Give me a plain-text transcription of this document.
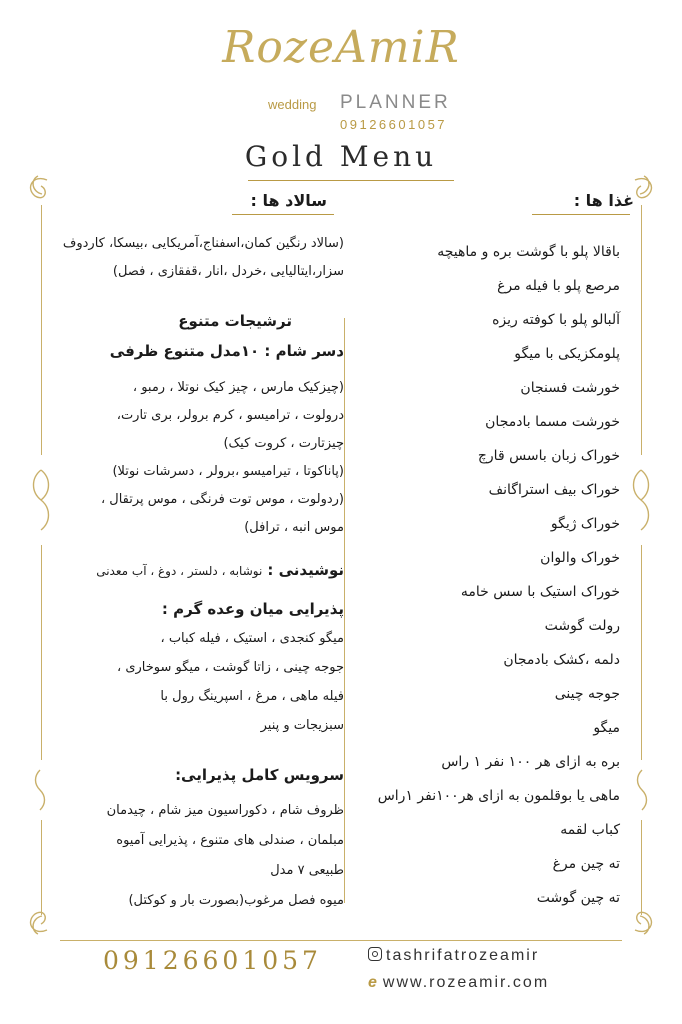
RozeAmiR
wedding PLANNER
09126601057
Gold Menu
غذا ها :
باقالا پلو با گوشت بره و ماهیچه
مرصع پلو با فیله مرغ
آلبالو پلو با کوفته ریزه
پلومکزیکی با میگو
خورشت فسنجان
خورشت مسما بادمجان
خوراک زبان باسس قارچ
خوراک بیف استراگانف
خوراک ژیگو
خوراک والوان
خوراک استیک با سس خامه
رولت گوشت
دلمه ،کشک بادمجان
جوجه چینی
میگو
بره به ازای هر ۱۰۰ نفر ۱ راس
ماهی یا بوقلمون به ازای هر۱۰۰نفر ۱راس
کباب لقمه
ته چین مرغ
ته چین گوشت
سالاد ها :
(سالاد رنگین کمان،اسفناج،آمریکایی ،بیسکا، کاردوف سزار،ایتالیایی ،خردل ،انار ،قفقازی ، فصل)
ترشیجات متنوع
دسر شام : ۱۰مدل متنوع ظرفی
(چیزکیک مارس ، چیز کیک نوتلا ، رمبو ،
درولوت ، ترامیسو ، کرم برولر، بری تارت،
چیزتارت ، کروت کیک)
(پاناکوتا ، تیرامیسو ،برولر ، دسرشات نوتلا)
(ردولوت ، موس توت فرنگی ، موس پرتقال ،
موس انبه ، ترافل)
نوشیدنی : نوشابه ، دلستر ، دوغ ، آب معدنی
پذیرایی میان وعده گرم :
میگو کنجدی ، استیک ، فیله کباب ،
جوجه چینی ، زاتا گوشت ، میگو سوخاری ،
فیله ماهی ، مرغ ، اسپرینگ رول با
سبزیجات و پنیر
سرویس کامل پذیرایی:
ظروف شام ، دکوراسیون میز شام ، چیدمان
مبلمان ، صندلی های متنوع ، پذیرایی آمیوه
طبیعی ۷ مدل
میوه فصل مرغوب(بصورت بار و کوکتل)
09126601057	tashrifatrozeamir
e www.rozeamir.com
